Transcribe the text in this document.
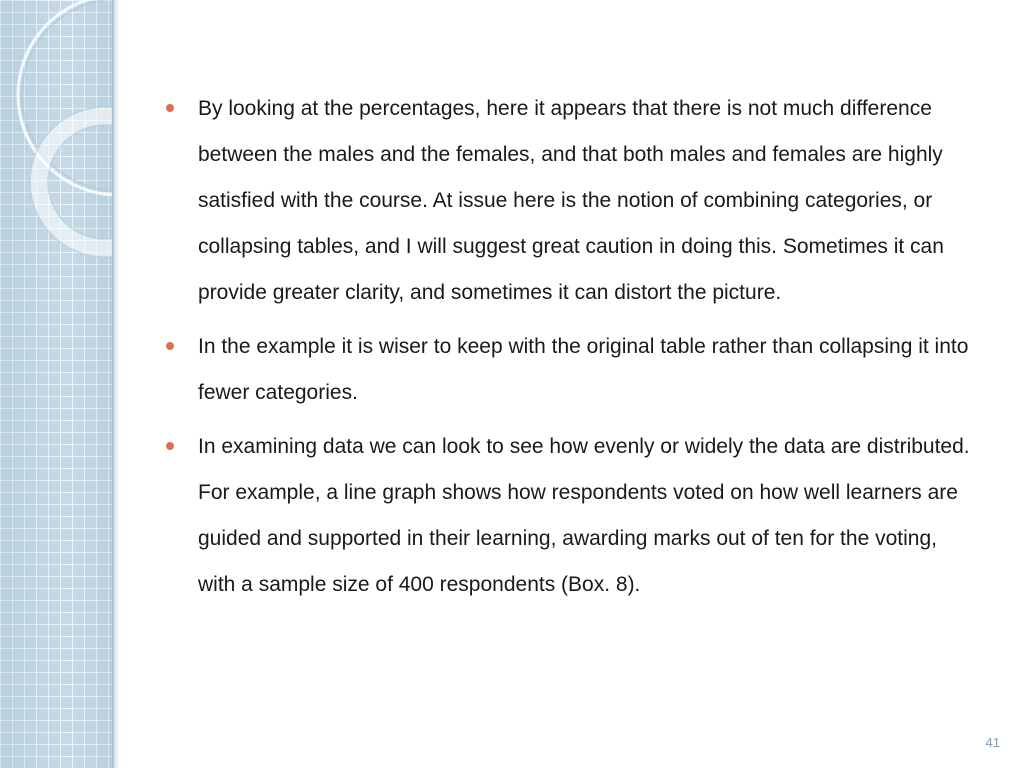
By looking at the percentages, here it appears that there is not much difference between the males and the females, and that both males and females are highly satisfied with the course. At issue here is the notion of combining categories, or collapsing tables, and I will suggest great caution in doing this. Sometimes it can provide greater clarity, and sometimes it can distort the picture.
In the example it is wiser to keep with the original table rather than collapsing it into fewer categories.
In examining data we can look to see how evenly or widely the data are distributed. For example, a line graph shows how respondents voted on how well learners are guided and supported in their learning, awarding marks out of ten for the voting, with a sample size of 400 respondents (Box. 8).
41
